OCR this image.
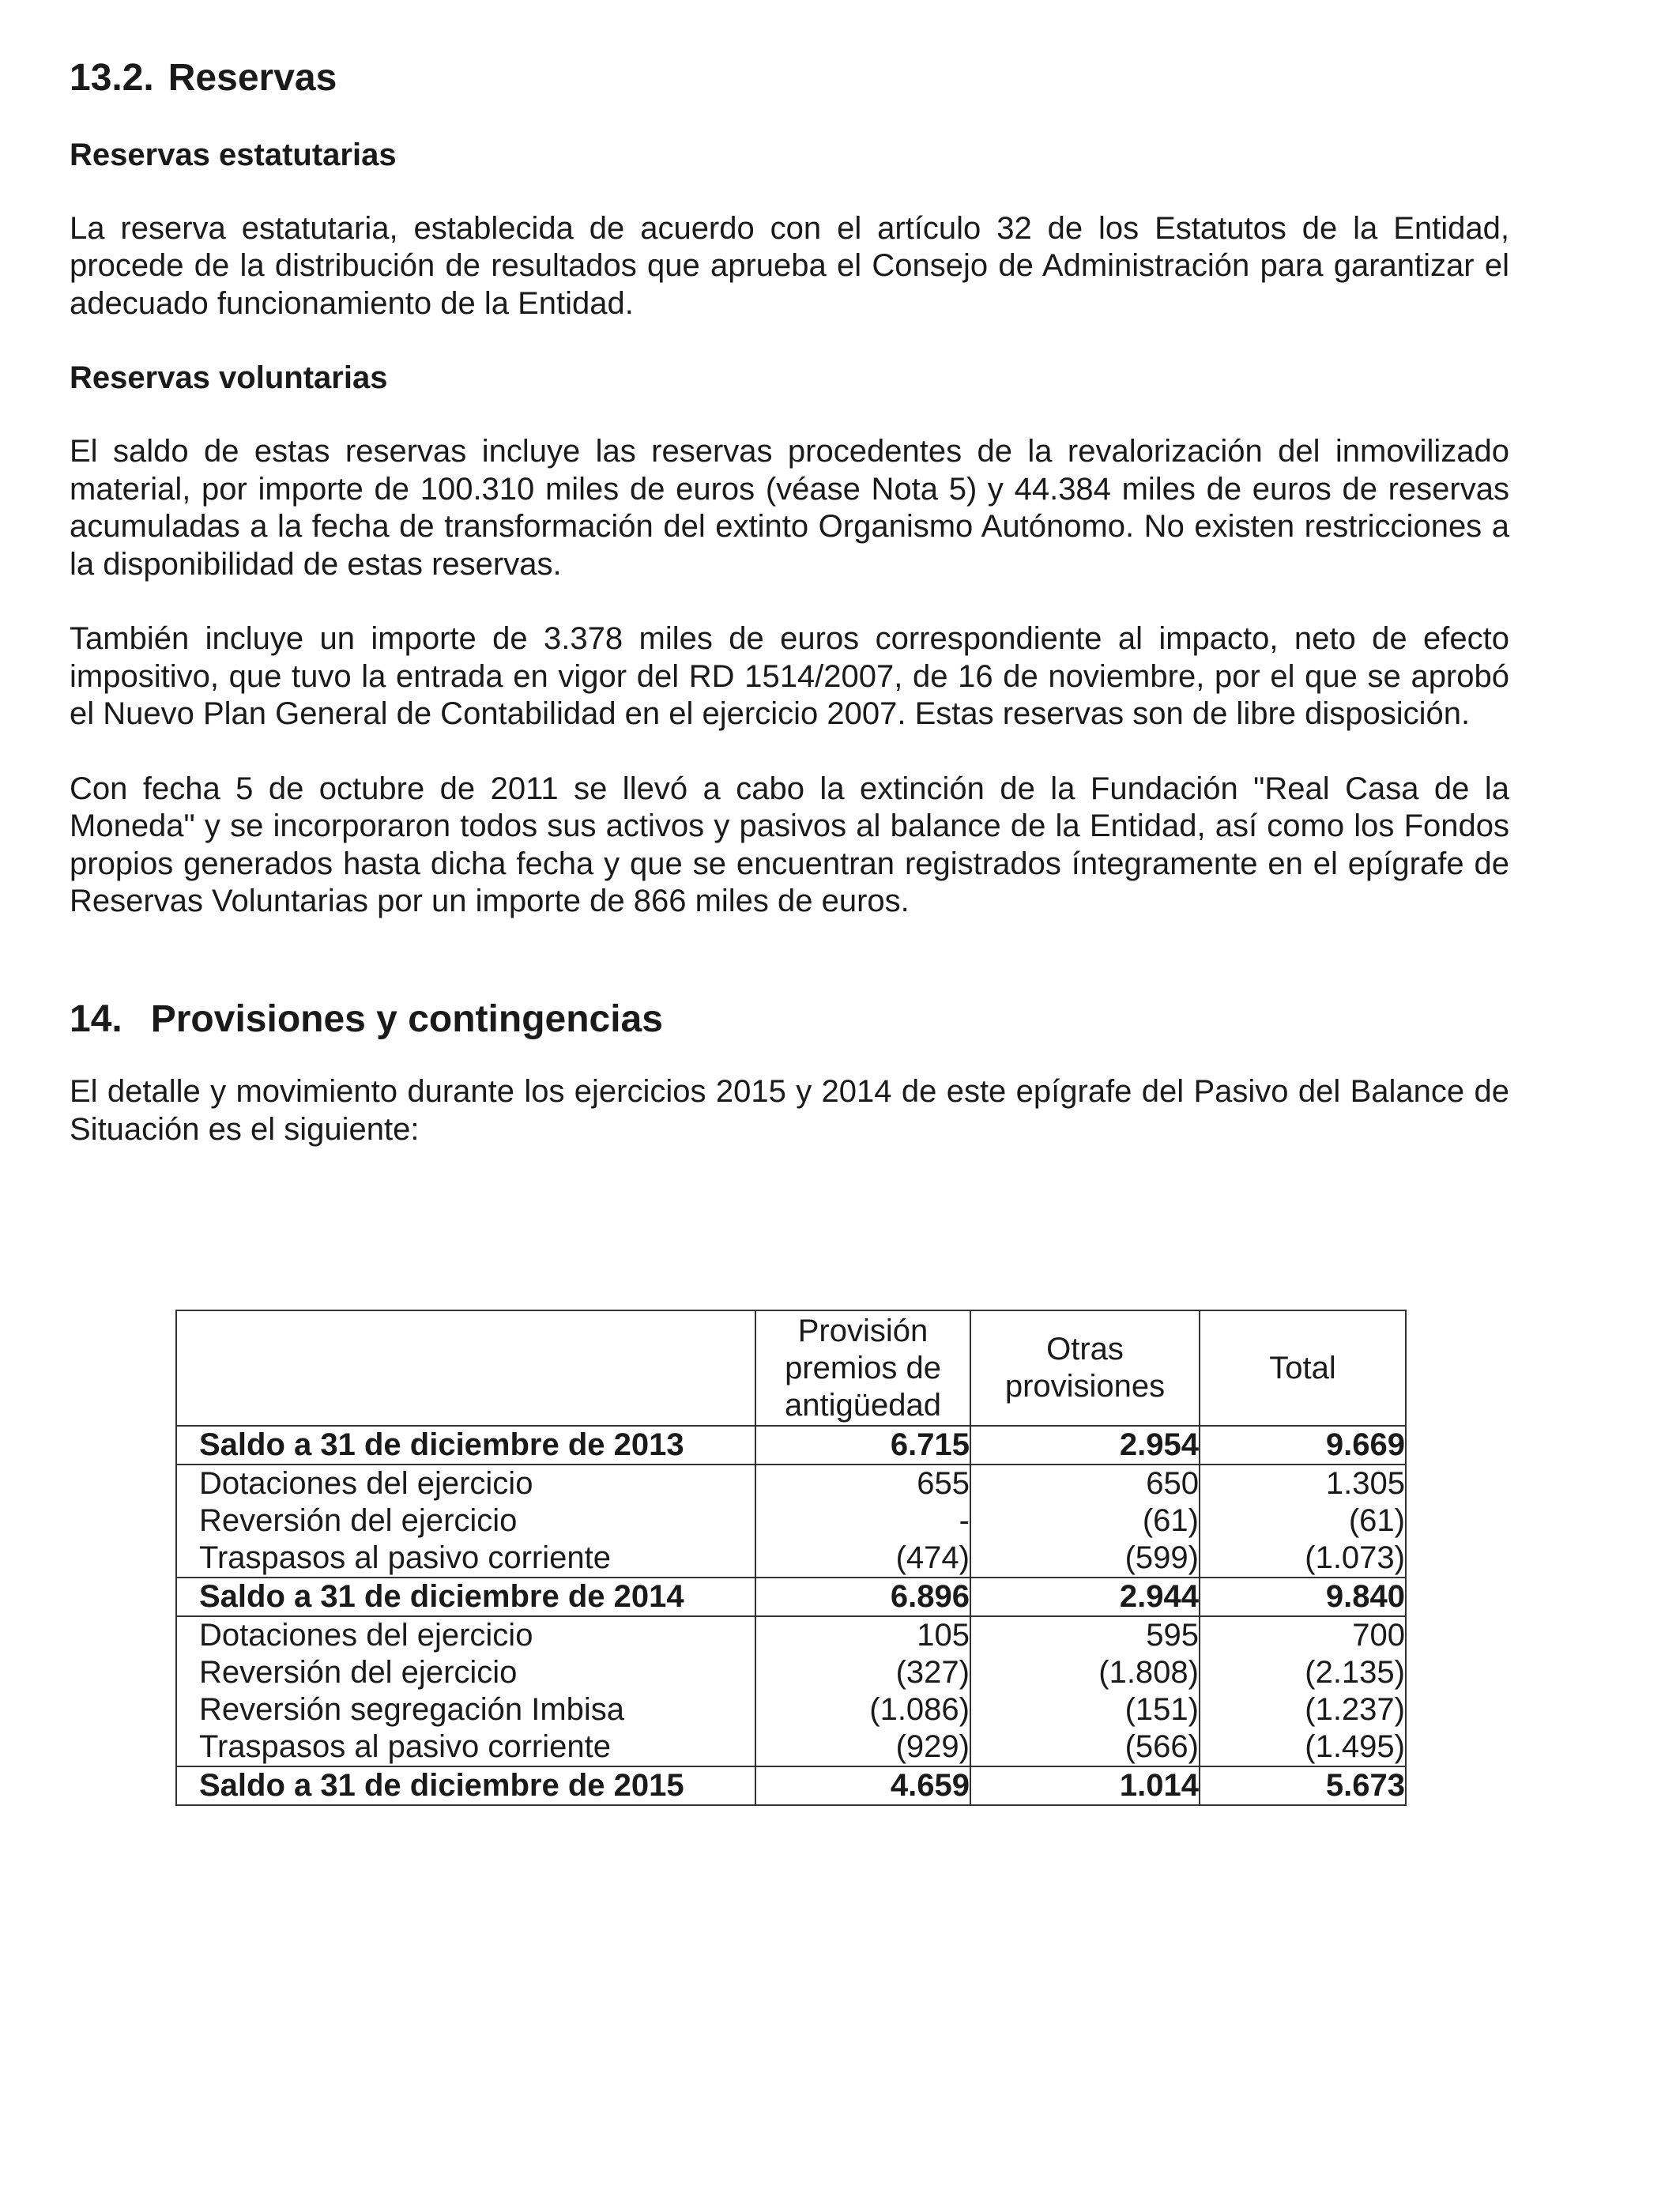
13.2. Reservas
Reservas estatutarias

La reserva estatutaria, establecida de acuerdo con el artículo 32 de los Estatutos de la Entidad, procede de la distribución de resultados que aprueba el Consejo de Administración para garantizar el adecuado funcionamiento de la Entidad.

Reservas voluntarias

El saldo de estas reservas incluye las reservas procedentes de la revalorización del inmovilizado material, por importe de 100.310 miles de euros (véase Nota 5) y 44.384 miles de euros de reservas acumuladas a la fecha de transformación del extinto Organismo Autónomo. No existen restricciones a la disponibilidad de estas reservas.

También incluye un importe de 3.378 miles de euros correspondiente al impacto, neto de efecto impositivo, que tuvo la entrada en vigor del RD 1514/2007, de 16 de noviembre, por el que se aprobó el Nuevo Plan General de Contabilidad en el ejercicio 2007. Estas reservas son de libre disposición.

Con fecha 5 de octubre de 2011 se llevó a cabo la extinción de la Fundación "Real Casa de la Moneda" y se incorporaron todos sus activos y pasivos al balance de la Entidad, así como los Fondos propios generados hasta dicha fecha y que se encuentran registrados íntegramente en el epígrafe de Reservas Voluntarias por un importe de 866 miles de euros.

14. Provisiones y contingencias

El detalle y movimiento durante los ejercicios 2015 y 2014 de este epígrafe del Pasivo del Balance de Situación es el siguiente:

	Provisión
premios de
antigüedad	Otras
provisiones	Total
Saldo a 31 de diciembre de 2013	6.715	2.954	9.669
Dotaciones del ejercicio	655	650	1.305
Reversión del ejercicio	-	(61)	(61)
Traspasos al pasivo corriente	(474)	(599)	(1.073)
Saldo a 31 de diciembre de 2014	6.896	2.944	9.840
Dotaciones del ejercicio	105	595	700
Reversión del ejercicio	(327)	(1.808)	(2.135)
Reversión segregación Imbisa	(1.086)	(151)	(1.237)
Traspasos al pasivo corriente	(929)	(566)	(1.495)
Saldo a 31 de diciembre de 2015	4.659	1.014	5.673
